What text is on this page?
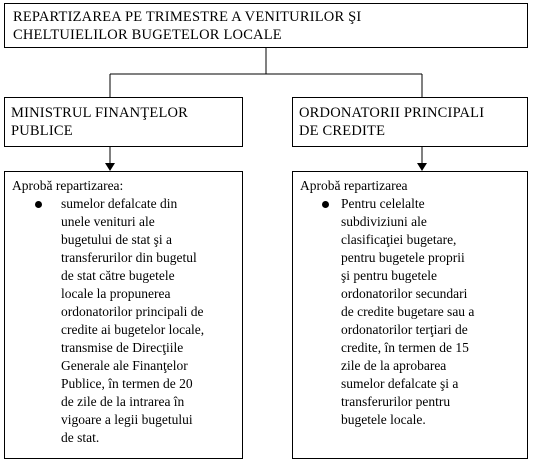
REPARTIZAREA PE TRIMESTRE A VENITURILOR ŞI
CHELTUIELILOR BUGETELOR LOCALE
MINISTRUL FINANŢELOR
PUBLICE
ORDONATORII PRINCIPALI
DE CREDITE
Aprobă repartizarea:
sumelor defalcate din
unele venituri ale
bugetului de stat şi a
transferurilor din bugetul
de stat către bugetele
locale la propunerea
ordonatorilor principali de
credite ai bugetelor locale,
transmise de Direcţiile
Generale ale Finanţelor
Publice, în termen de 20
de zile de la intrarea în
vigoare a legii bugetului
de stat.
Aprobă repartizarea
Pentru celelalte
subdiviziuni ale
clasificaţiei bugetare,
pentru bugetele proprii
şi pentru bugetele
ordonatorilor secundari
de credite bugetare sau a
ordonatorilor terţiari de
credite, în termen de 15
zile de la aprobarea
sumelor defalcate şi a
transferurilor pentru
bugetele locale.
